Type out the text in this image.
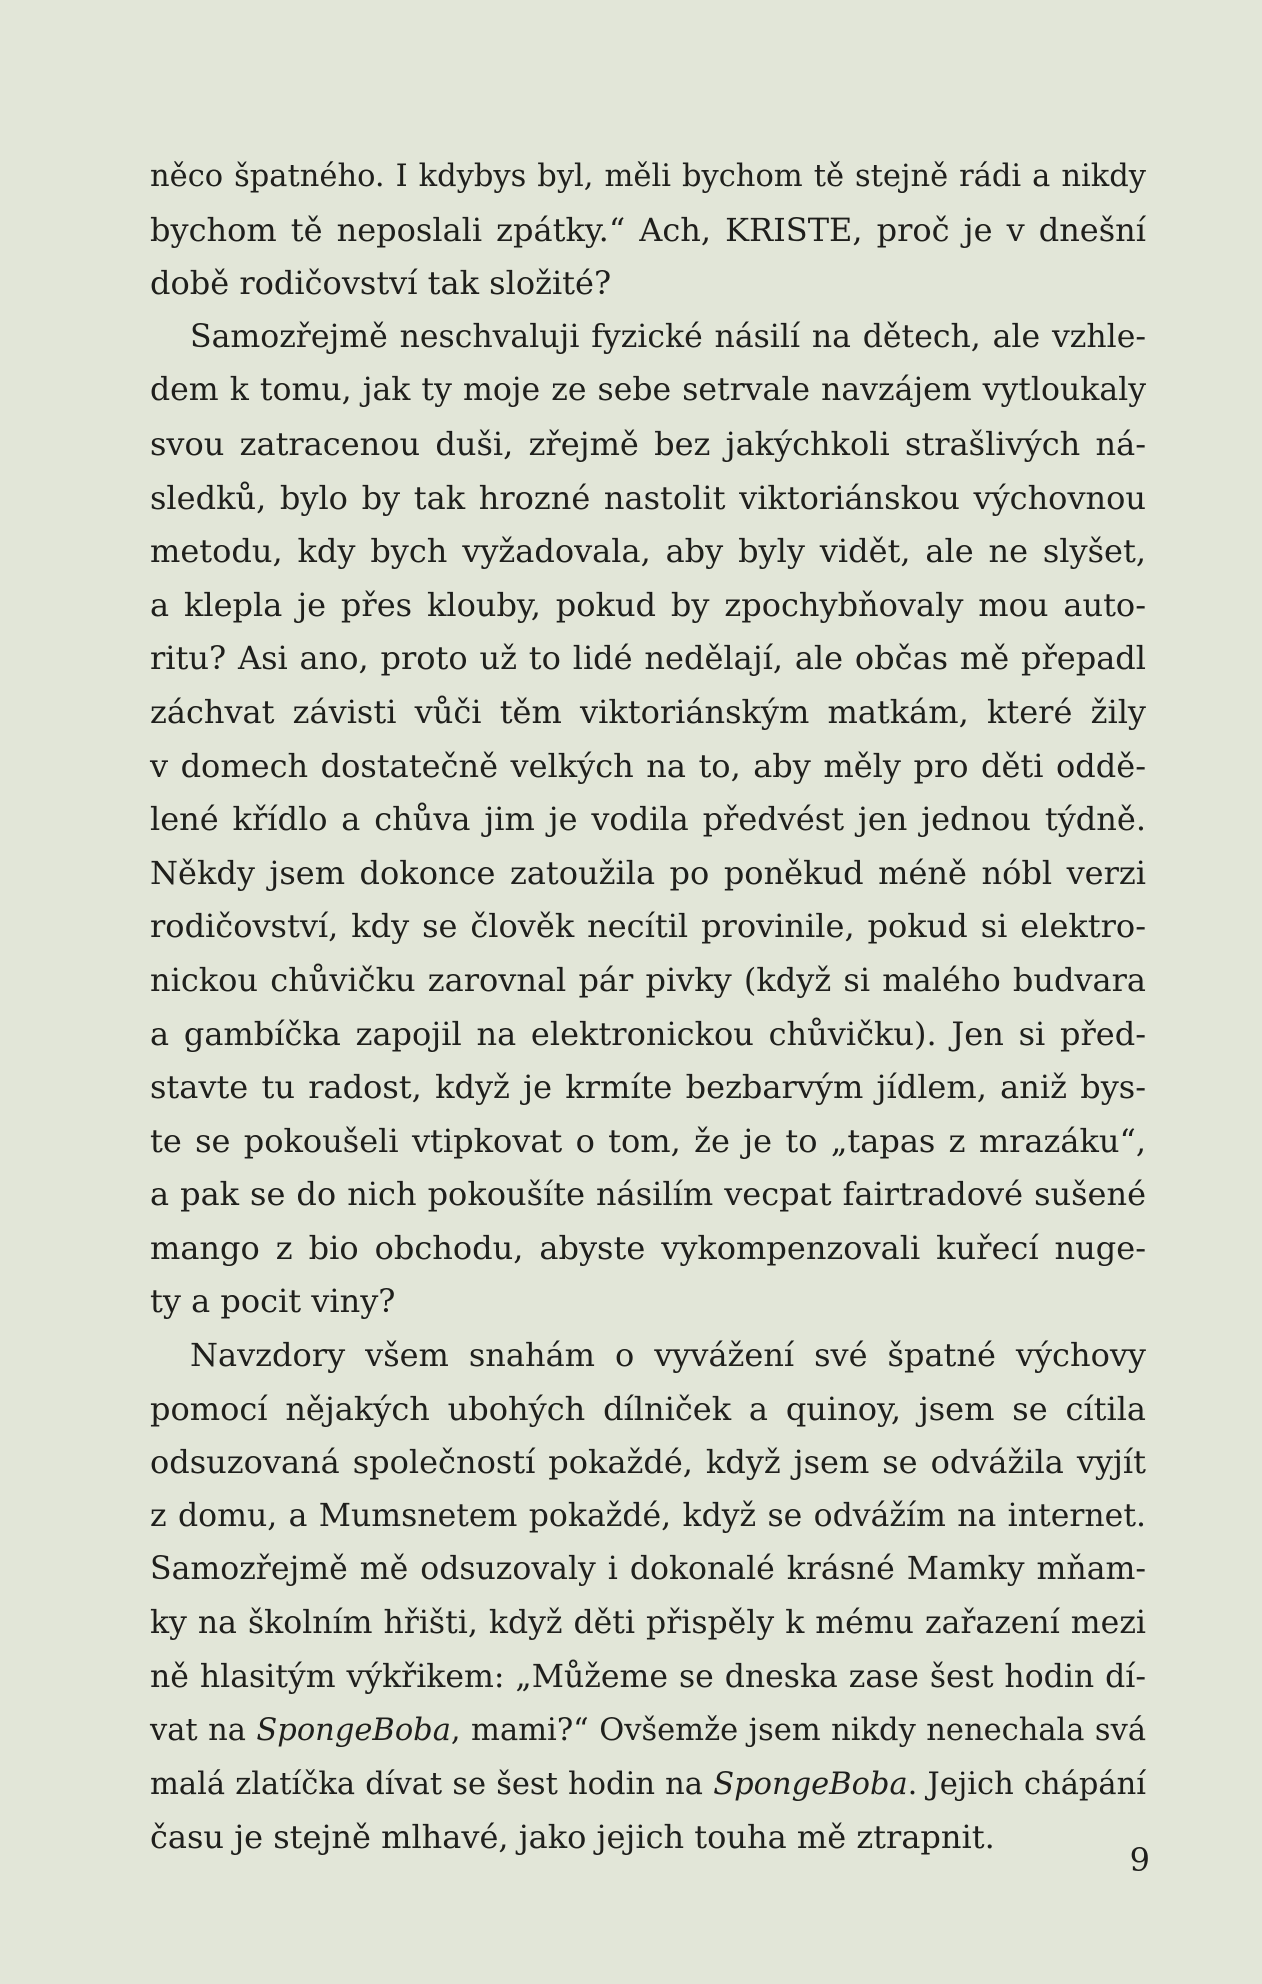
něco špatného. I kdybys byl, měli bychom tě stejně rádi a nikdy
bychom tě neposlali zpátky.“ Ach, KRISTE, proč je v dnešní
době rodičovství tak složité?
Samozřejmě neschvaluji fyzické násilí na dětech, ale vzhle-
dem k tomu, jak ty moje ze sebe setrvale navzájem vytloukaly
svou zatracenou duši, zřejmě bez jakýchkoli strašlivých ná-
sledků, bylo by tak hrozné nastolit viktoriánskou výchovnou
metodu, kdy bych vyžadovala, aby byly vidět, ale ne slyšet,
a klepla je přes klouby, pokud by zpochybňovaly mou auto-
ritu? Asi ano, proto už to lidé nedělají, ale občas mě přepadl
záchvat závisti vůči těm viktoriánským matkám, které žily
v domech dostatečně velkých na to, aby měly pro děti oddě-
lené křídlo a chůva jim je vodila předvést jen jednou týdně.
Někdy jsem dokonce zatoužila po poněkud méně nóbl verzi
rodičovství, kdy se člověk necítil provinile, pokud si elektro-
nickou chůvičku zarovnal pár pivky (když si malého budvara
a gambíčka zapojil na elektronickou chůvičku). Jen si před-
stavte tu radost, když je krmíte bezbarvým jídlem, aniž bys-
te se pokoušeli vtipkovat o tom, že je to „tapas z mrazáku“,
a pak se do nich pokoušíte násilím vecpat fairtradové sušené
mango z bio obchodu, abyste vykompenzovali kuřecí nuge-
ty a pocit viny?
Navzdory všem snahám o vyvážení své špatné výchovy
pomocí nějakých ubohých dílniček a quinoy, jsem se cítila
odsuzovaná společností pokaždé, když jsem se odvážila vyjít
z domu, a Mumsnetem pokaždé, když se odvážím na internet.
Samozřejmě mě odsuzovaly i dokonalé krásné Mamky mňam-
ky na školním hřišti, když děti přispěly k mému zařazení mezi
ně hlasitým výkřikem: „Můžeme se dneska zase šest hodin dí-
vat na SpongeBoba, mami?“ Ovšemže jsem nikdy nenechala svá
malá zlatíčka dívat se šest hodin na SpongeBoba. Jejich chápání
času je stejně mlhavé, jako jejich touha mě ztrapnit.
9
